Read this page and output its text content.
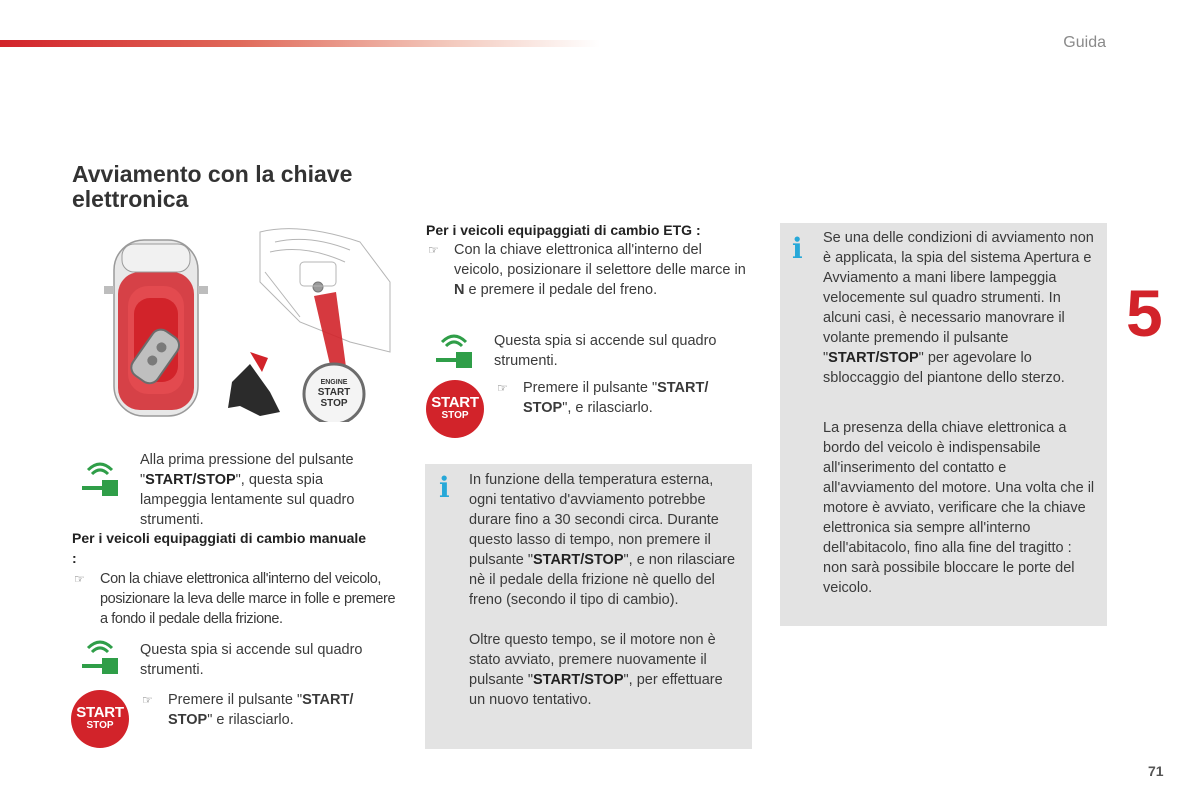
Guida
5
71
Avviamento con la chiave elettronica
ENGINE
START
STOP
Alla prima pressione del pulsante "START/STOP", questa spia lampeggia lentamente sul quadro strumenti.
Per i veicoli equipaggiati di cambio manuale :
☞ Con la chiave elettronica all'interno del veicolo, posizionare la leva delle marce in folle e premere a fondo il pedale della frizione.
Questa spia si accende sul quadro strumenti.
START
STOP
☞ Premere il pulsante "START/
STOP" e rilasciarlo.
Per i veicoli equipaggiati di cambio ETG :
☞ Con la chiave elettronica all'interno del veicolo, posizionare il selettore delle marce in N e premere il pedale del freno.
Questa spia si accende sul quadro strumenti.
START
STOP
☞ Premere il pulsante "START/
STOP", e rilasciarlo.
i In funzione della temperatura esterna, ogni tentativo d'avviamento potrebbe durare fino a 30 secondi circa. Durante questo lasso di tempo, non premere il pulsante "START/STOP", e non rilasciare nè il pedale della frizione nè quello del freno (secondo il tipo di cambio).
Oltre questo tempo, se il motore non è stato avviato, premere nuovamente il pulsante "START/STOP", per effettuare un nuovo tentativo.
i Se una delle condizioni di avviamento non è applicata, la spia del sistema Apertura e Avviamento a mani libere lampeggia velocemente sul quadro strumenti. In alcuni casi, è necessario manovrare il volante premendo il pulsante "START/STOP" per agevolare lo sbloccaggio del piantone dello sterzo.
La presenza della chiave elettronica a bordo del veicolo è indispensabile all'inserimento del contatto e all'avviamento del motore. Una volta che il motore è avviato, verificare che la chiave elettronica sia sempre all'interno dell'abitacolo, fino alla fine del tragitto : non sarà possibile bloccare le porte del veicolo.
